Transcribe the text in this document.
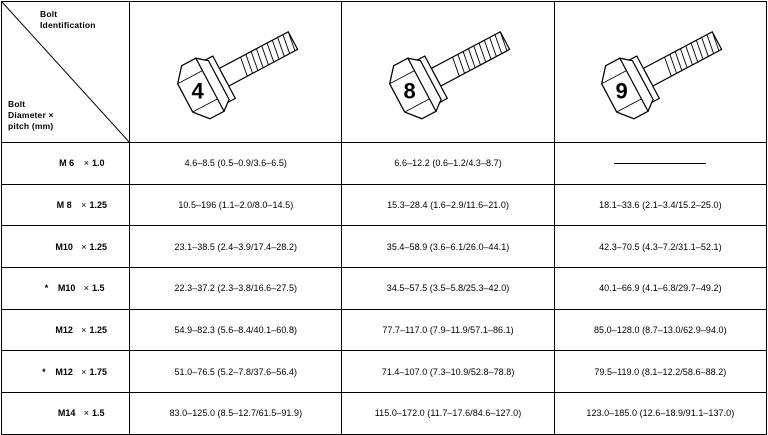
Bolt
Identification
Bolt
Diameter ×
pitch (mm)	4	8	9

M 6 × 1.0	4.6–8.5 (0.5–0.9/3.6–6.5)	6.6–12.2 (0.6–1.2/4.3–8.7)	

M 8 × 1.25	10.5–196 (1.1–2.0/8.0–14.5)	15.3–28.4 (1.6–2.9/11.6–21.0)	18.1–33.6 (2.1–3.4/15.2–25.0)

M10 × 1.25	23.1–38.5 (2.4–3.9/17.4–28.2)	35.4–58.9 (3.6–6.1/26.0–44.1)	42.3–70.5 (4.3–7.2/31.1–52.1)

* M10 × 1.5	22.3–37.2 (2.3–3.8/16.6–27.5)	34.5–57.5 (3.5–5.8/25.3–42.0)	40.1–66.9 (4.1–6.8/29.7–49.2)

M12 × 1.25	54.9–82.3 (5.6–8.4/40.1–60.8)	77.7–117.0 (7.9–11.9/57.1–86.1)	85.0–128.0 (8.7–13.0/62.9–94.0)

* M12 × 1.75	51.0–76.5 (5.2–7.8/37.6–56.4)	71.4–107.0 (7.3–10.9/52.8–78.8)	79.5–119.0 (8.1–12.2/58.6–88.2)

M14 × 1.5	83.0–125.0 (8.5–12.7/61.5–91.9)	115.0–172.0 (11.7–17.6/84.6–127.0)	123.0–185.0 (12.6–18.9/91.1–137.0)
